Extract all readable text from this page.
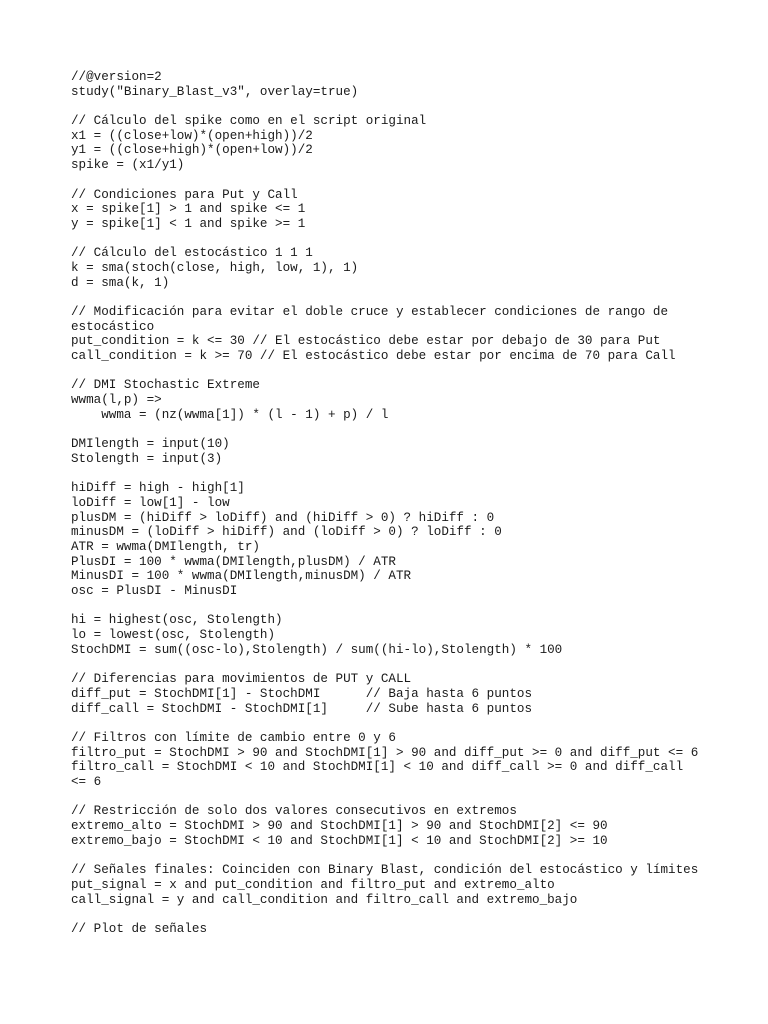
//@version=2
study("Binary_Blast_v3", overlay=true)
// Cálculo del spike como en el script original
x1 = ((close+low)*(open+high))/2
y1 = ((close+high)*(open+low))/2
spike = (x1/y1)
// Condiciones para Put y Call
x = spike[1] > 1 and spike <= 1
y = spike[1] < 1 and spike >= 1
// Cálculo del estocástico 1 1 1
k = sma(stoch(close, high, low, 1), 1)
d = sma(k, 1)
// Modificación para evitar el doble cruce y establecer condiciones de rango de
estocástico
put_condition = k <= 30 // El estocástico debe estar por debajo de 30 para Put
call_condition = k >= 70 // El estocástico debe estar por encima de 70 para Call
// DMI Stochastic Extreme
wwma(l,p) =>
wwma = (nz(wwma[1]) * (l - 1) + p) / l
DMIlength = input(10)
Stolength = input(3)
hiDiff = high - high[1]
loDiff = low[1] - low
plusDM = (hiDiff > loDiff) and (hiDiff > 0) ? hiDiff : 0
minusDM = (loDiff > hiDiff) and (loDiff > 0) ? loDiff : 0
ATR = wwma(DMIlength, tr)
PlusDI = 100 * wwma(DMIlength,plusDM) / ATR
MinusDI = 100 * wwma(DMIlength,minusDM) / ATR
osc = PlusDI - MinusDI
hi = highest(osc, Stolength)
lo = lowest(osc, Stolength)
StochDMI = sum((osc-lo),Stolength) / sum((hi-lo),Stolength) * 100
// Diferencias para movimientos de PUT y CALL
diff_put = StochDMI[1] - StochDMI      // Baja hasta 6 puntos
diff_call = StochDMI - StochDMI[1]     // Sube hasta 6 puntos
// Filtros con límite de cambio entre 0 y 6
filtro_put = StochDMI > 90 and StochDMI[1] > 90 and diff_put >= 0 and diff_put <= 6
filtro_call = StochDMI < 10 and StochDMI[1] < 10 and diff_call >= 0 and diff_call
<= 6
// Restricción de solo dos valores consecutivos en extremos
extremo_alto = StochDMI > 90 and StochDMI[1] > 90 and StochDMI[2] <= 90
extremo_bajo = StochDMI < 10 and StochDMI[1] < 10 and StochDMI[2] >= 10
// Señales finales: Coinciden con Binary Blast, condición del estocástico y límites
put_signal = x and put_condition and filtro_put and extremo_alto
call_signal = y and call_condition and filtro_call and extremo_bajo
// Plot de señales
